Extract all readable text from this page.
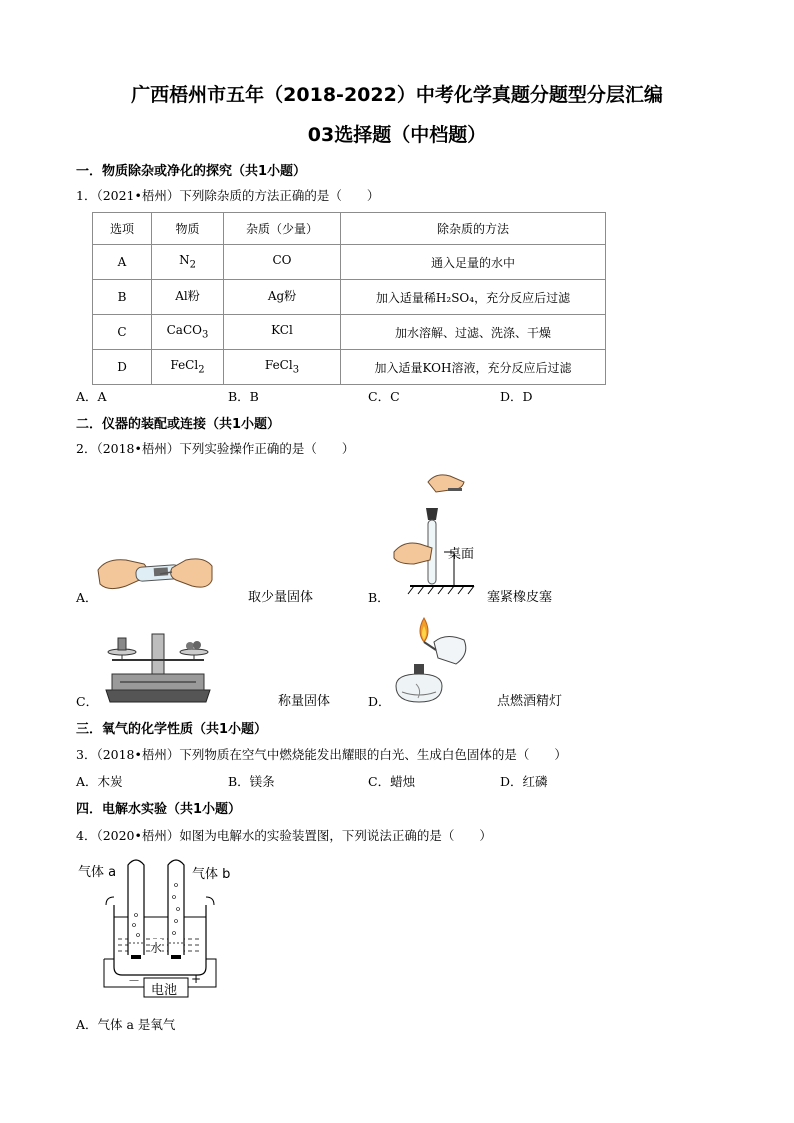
广西梧州市五年（2018-2022）中考化学真题分题型分层汇编
03选择题（中档题）
一．物质除杂或净化的探究（共1小题）
1．（2021•梧州）下列除杂质的方法正确的是（　　）
选项	物质	杂质（少量）	除杂质的方法
A	$N_2$	CO	通入足量的水中
B	Al粉	Ag粉	加入适量稀H₂SO₄，充分反应后过滤
C	CaCO$_3$	KCl	加水溶解、过滤、洗涤、干燥
D	FeCl$_2$	FeCl$_3$	加入适量KOH溶液，充分反应后过滤
A．A	B．B	C．C	D．D
二．仪器的装配或连接（共1小题）
2．（2018•梧州）下列实验操作正确的是（　　）
A．	取少量固体
桌面
B．	塞紧橡皮塞
C．	称量固体	D．	点燃酒精灯
三．氧气的化学性质（共1小题）
3．（2018•梧州）下列物质在空气中燃烧能发出耀眼的白光、生成白色固体的是（　　）
A．木炭	B．镁条	C．蜡烛	D．红磷
四．电解水实验（共1小题）
4．（2020•梧州）如图为电解水的实验装置图，下列说法正确的是（　　）
气体 a	气体 b
水
电池
－	+
A．气体 a 是氧气
